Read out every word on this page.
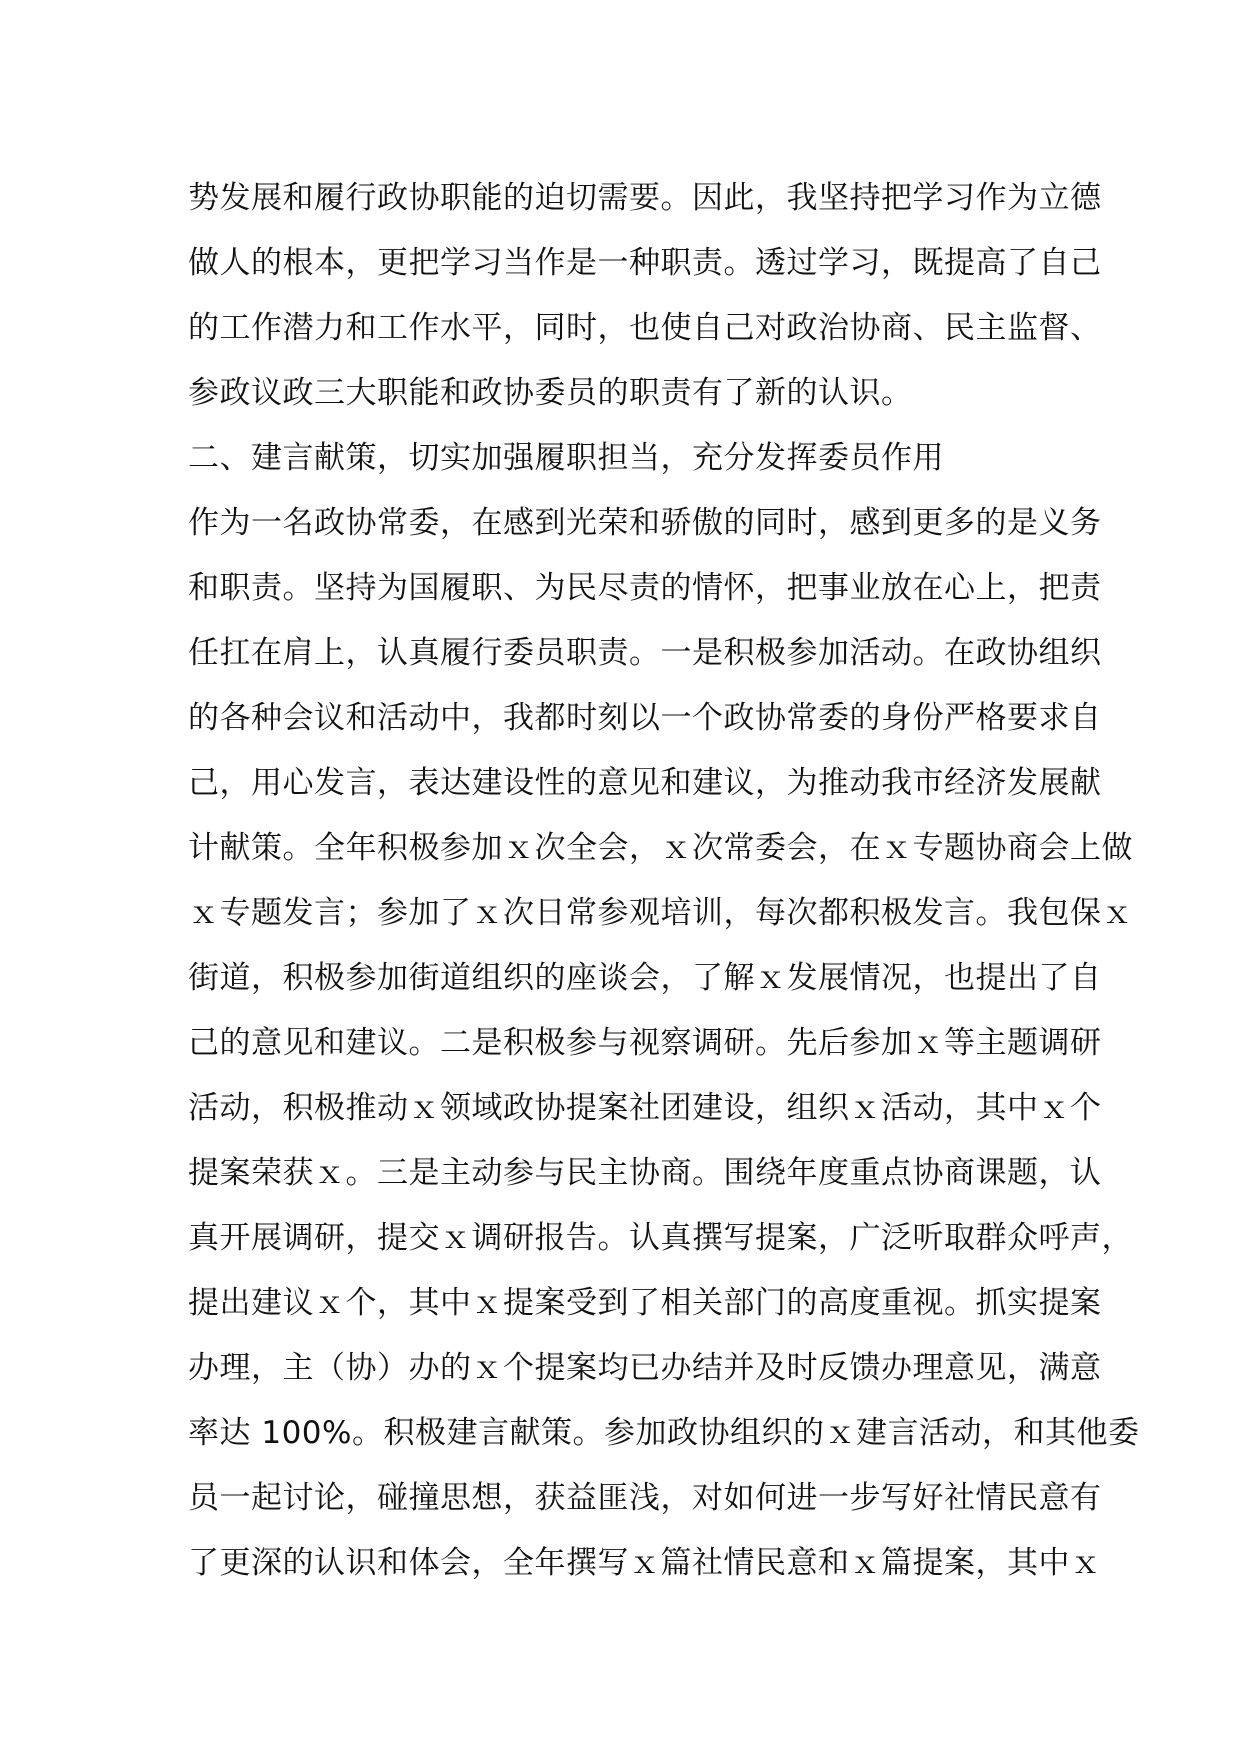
势发展和履行政协职能的迫切需要。因此，我坚持把学习作为立德
做人的根本，更把学习当作是一种职责。透过学习，既提高了自己
的工作潜力和工作水平，同时，也使自己对政治协商、民主监督、
参政议政三大职能和政协委员的职责有了新的认识。
二、建言献策，切实加强履职担当，充分发挥委员作用
作为一名政协常委，在感到光荣和骄傲的同时，感到更多的是义务
和职责。坚持为国履职、为民尽责的情怀，把事业放在心上，把责
任扛在肩上，认真履行委员职责。一是积极参加活动。在政协组织
的各种会议和活动中，我都时刻以一个政协常委的身份严格要求自
己，用心发言，表达建设性的意见和建议，为推动我市经济发展献
计献策。全年积极参加ｘ次全会，ｘ次常委会，在ｘ专题协商会上做
ｘ专题发言；参加了ｘ次日常参观培训，每次都积极发言。我包保ｘ
街道，积极参加街道组织的座谈会，了解ｘ发展情况，也提出了自
己的意见和建议。二是积极参与视察调研。先后参加ｘ等主题调研
活动，积极推动ｘ领域政协提案社团建设，组织ｘ活动，其中ｘ个
提案荣获ｘ。三是主动参与民主协商。围绕年度重点协商课题，认
真开展调研，提交ｘ调研报告。认真撰写提案，广泛听取群众呼声，
提出建议ｘ个，其中ｘ提案受到了相关部门的高度重视。抓实提案
办理，主（协）办的ｘ个提案均已办结并及时反馈办理意见，满意
率达 100%。积极建言献策。参加政协组织的ｘ建言活动，和其他委
员一起讨论，碰撞思想，获益匪浅，对如何进一步写好社情民意有
了更深的认识和体会，全年撰写ｘ篇社情民意和ｘ篇提案，其中ｘ
